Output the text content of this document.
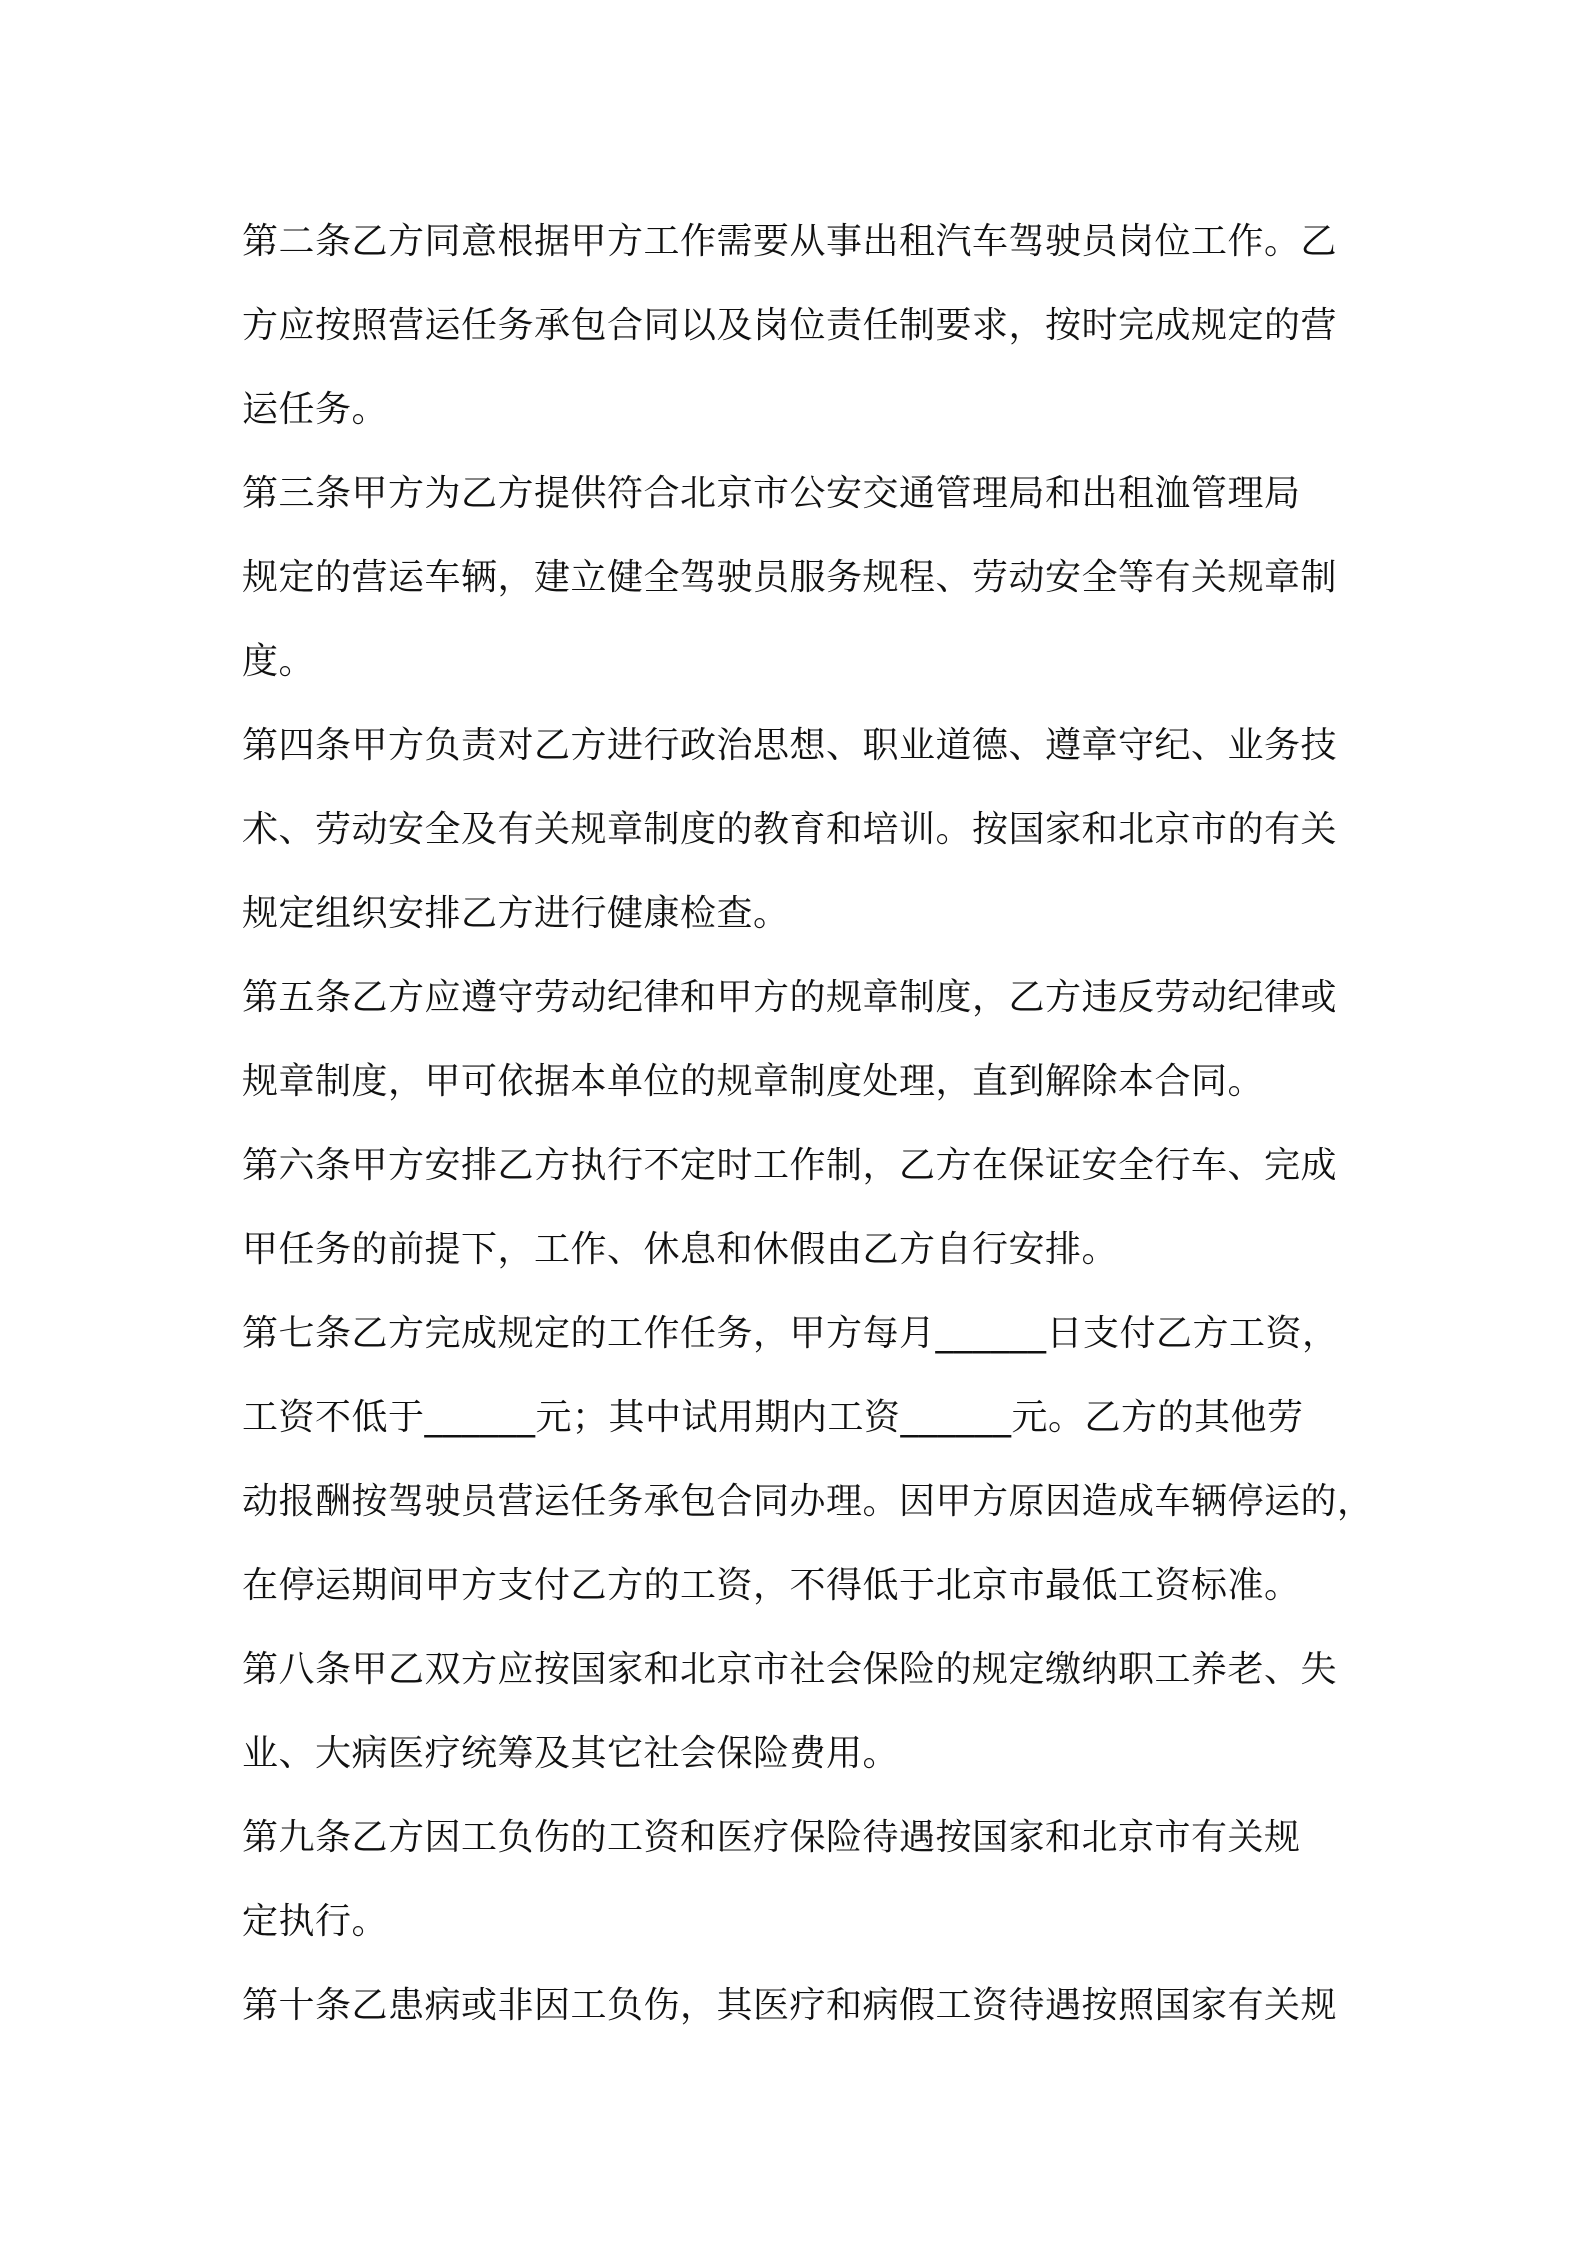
第二条乙方同意根据甲方工作需要从事出租汽车驾驶员岗位工作。乙
方应按照营运任务承包合同以及岗位责任制要求，按时完成规定的营
运任务。
第三条甲方为乙方提供符合北京市公安交通管理局和出租洫管理局
规定的营运车辆，建立健全驾驶员服务规程、劳动安全等有关规章制
度。
第四条甲方负责对乙方进行政治思想、职业道德、遵章守纪、业务技
术、劳动安全及有关规章制度的教育和培训。按国家和北京市的有关
规定组织安排乙方进行健康检查。
第五条乙方应遵守劳动纪律和甲方的规章制度，乙方违反劳动纪律或
规章制度，甲可依据本单位的规章制度处理，直到解除本合同。
第六条甲方安排乙方执行不定时工作制，乙方在保证安全行车、完成
甲任务的前提下，工作、休息和休假由乙方自行安排。
第七条乙方完成规定的工作任务，甲方每月______日支付乙方工资，
工资不低于______元；其中试用期内工资______元。乙方的其他劳
动报酬按驾驶员营运任务承包合同办理。因甲方原因造成车辆停运的，
在停运期间甲方支付乙方的工资，不得低于北京市最低工资标准。
第八条甲乙双方应按国家和北京市社会保险的规定缴纳职工养老、失
业、大病医疗统筹及其它社会保险费用。
第九条乙方因工负伤的工资和医疗保险待遇按国家和北京市有关规
定执行。
第十条乙患病或非因工负伤，其医疗和病假工资待遇按照国家有关规
